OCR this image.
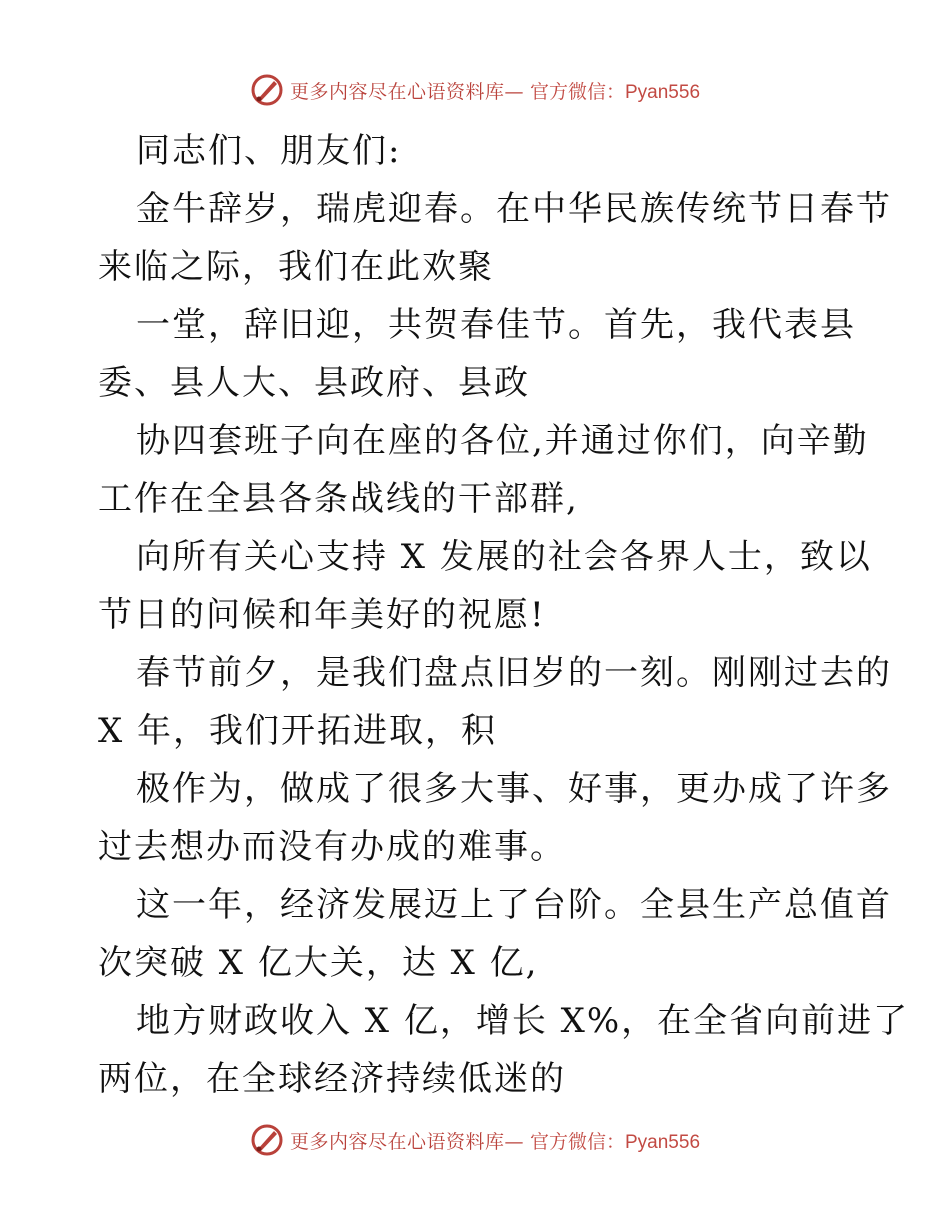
更多内容尽在心语资料库— 官方微信：Pyan556
同志们、朋友们:
金牛辞岁，瑞虎迎春。在中华民族传统节日春节
来临之际，我们在此欢聚
一堂，辞旧迎，共贺春佳节。首先，我代表县
委、县人大、县政府、县政
协四套班子向在座的各位,并通过你们，向辛勤
工作在全县各条战线的干部群,
向所有关心支持 X 发展的社会各界人士，致以
节日的问候和年美好的祝愿!
春节前夕，是我们盘点旧岁的一刻。刚刚过去的
X 年，我们开拓进取，积
极作为，做成了很多大事、好事，更办成了许多
过去想办而没有办成的难事。
这一年，经济发展迈上了台阶。全县生产总值首
次突破 X 亿大关，达 X 亿,
地方财政收入 X 亿，增长 X%，在全省向前进了
两位，在全球经济持续低迷的
更多内容尽在心语资料库— 官方微信：Pyan556
